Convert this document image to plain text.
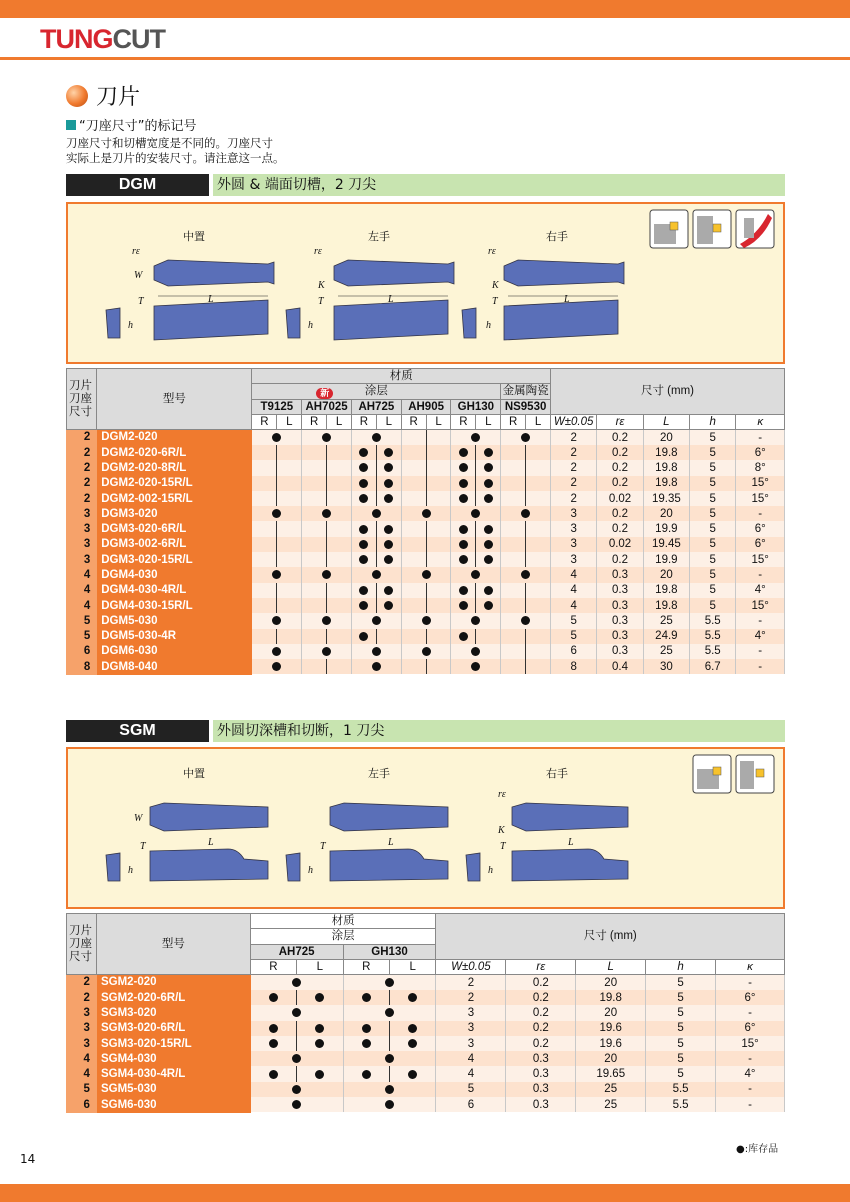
TUNGCUT
刀片
“刀座尺寸”的标记号
刀座尺寸和切槽宽度是不同的。刀座尺寸
实际上是刀片的安装尺寸。请注意这一点。
DGM	外圆 & 端面切槽，2 刀尖
中置	左手	右手
rε	rε	rε
W
K	K
L	L	L
T	T	T
h	h	h
刀片
刀座
尺寸	型号	材质												尺寸 (mm)				
		涂层										金属陶瓷						
		T9125		AH7025
新		AH725		AH905		GH130		NS9530						
		R	L	R	L	R	L	R	L	R	L	R	L	W±0.05	rε	L	h	κ
2	DGM2-020													2	0.2	20	5	-
2	DGM2-020-6R/L													2	0.2	19.8	5	6°
2	DGM2-020-8R/L													2	0.2	19.8	5	8°
2	DGM2-020-15R/L													2	0.2	19.8	5	15°
2	DGM2-002-15R/L													2	0.02	19.35	5	15°
3	DGM3-020													3	0.2	20	5	-
3	DGM3-020-6R/L													3	0.2	19.9	5	6°
3	DGM3-002-6R/L													3	0.02	19.45	5	6°
3	DGM3-020-15R/L													3	0.2	19.9	5	15°
4	DGM4-030													4	0.3	20	5	-
4	DGM4-030-4R/L													4	0.3	19.8	5	4°
4	DGM4-030-15R/L													4	0.3	19.8	5	15°
5	DGM5-030													5	0.3	25	5.5	-
5	DGM5-030-4R													5	0.3	24.9	5.5	4°
6	DGM6-030													6	0.3	25	5.5	-
8	DGM8-040													8	0.4	30	6.7	-
SGM	外圆切深槽和切断，1 刀尖
中置	左手	右手
W
rε
K
L	L	L
T	T	T
h	h	h
刀片
刀座
尺寸	型号	材质				尺寸 (mm)				
		涂层								
		AH725		GH130						
		R	L	R	L	W±0.05	rε	L	h	κ
2	SGM2-020					2	0.2	20	5	-
2	SGM2-020-6R/L					2	0.2	19.8	5	6°
3	SGM3-020					3	0.2	20	5	-
3	SGM3-020-6R/L					3	0.2	19.6	5	6°
3	SGM3-020-15R/L					3	0.2	19.6	5	15°
4	SGM4-030					4	0.3	20	5	-
4	SGM4-030-4R/L					4	0.3	19.65	5	4°
5	SGM5-030					5	0.3	25	5.5	-
6	SGM6-030					6	0.3	25	5.5	-
●:库存品
14
